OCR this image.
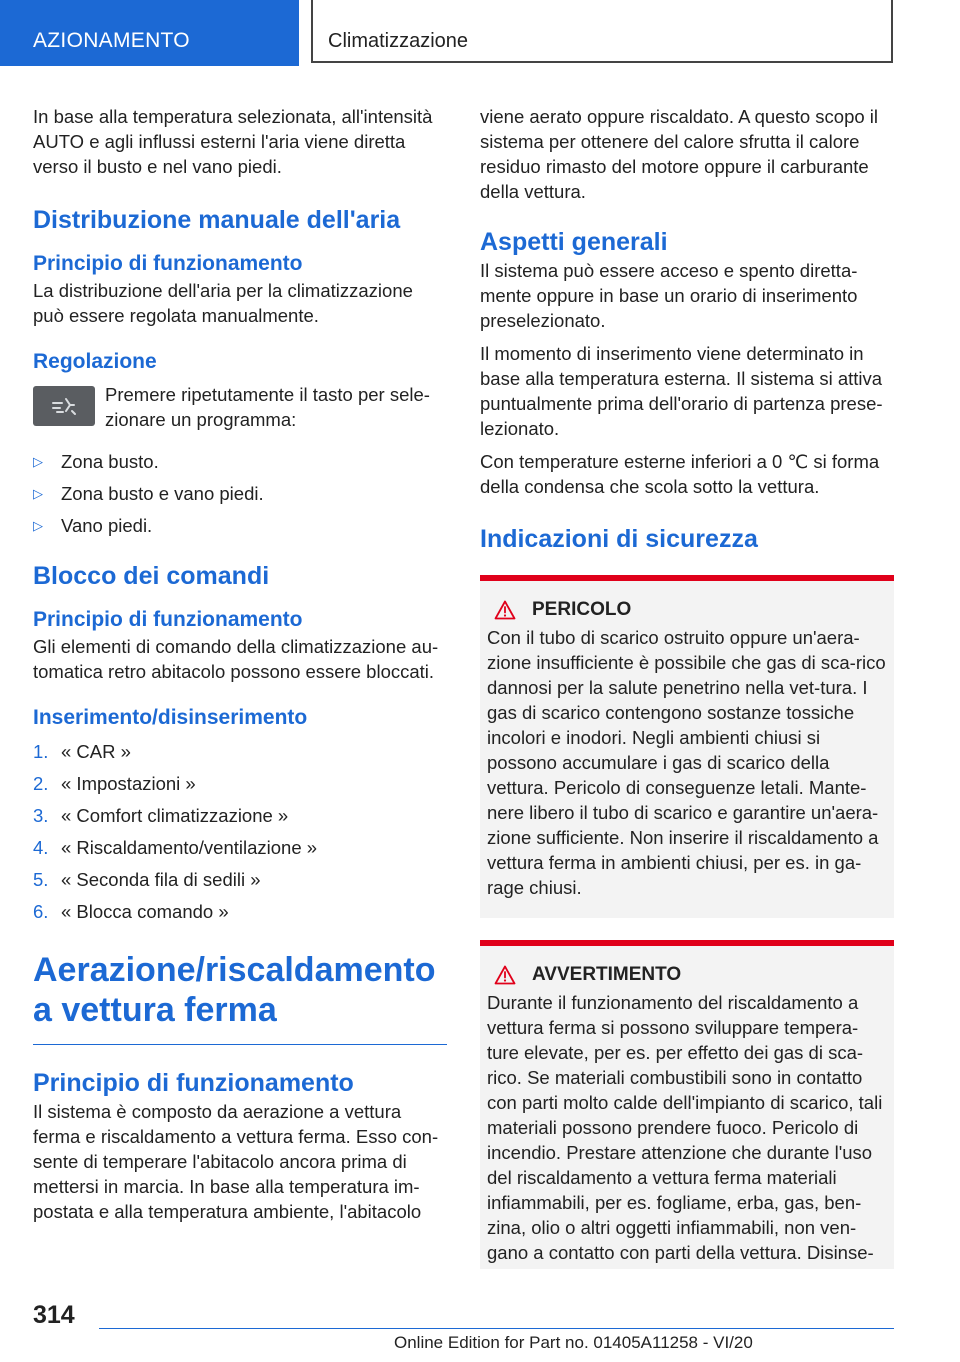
AZIONAMENTO	Climatizzazione

In base alla temperatura selezionata, all'intensità AUTO e agli influssi esterni l'aria viene diretta verso il busto e nel vano piedi.

Distribuzione manuale dell'aria
Principio di funzionamento

La distribuzione dell'aria per la climatizzazione può essere regolata manualmente.

Regolazione

Premere ripetutamente il tasto per sele-zionare un programma:

▷ Zona busto.
▷ Zona busto e vano piedi.
▷ Vano piedi.
Blocco dei comandi
Principio di funzionamento

Gli elementi di comando della climatizzazione au-tomatica retro abitacolo possono essere bloccati.

Inserimento/disinserimento
1. « CAR »
2. « Impostazioni »
3. « Comfort climatizzazione »
4. « Riscaldamento/ventilazione »
5. « Seconda fila di sedili »
6. « Blocca comando »
Aerazione/riscaldamento a vettura ferma
Principio di funzionamento

Il sistema è composto da aerazione a vettura ferma e riscaldamento a vettura ferma. Esso con-sente di temperare l'abitacolo ancora prima di mettersi in marcia. In base alla temperatura im-postata e alla temperatura ambiente, l'abitacolo

viene aerato oppure riscaldato. A questo scopo il sistema per ottenere del calore sfrutta il calore residuo rimasto del motore oppure il carburante della vettura.

Aspetti generali

Il sistema può essere acceso e spento diretta-mente oppure in base un orario di inserimento preselezionato.

Il momento di inserimento viene determinato in base alla temperatura esterna. Il sistema si attiva puntualmente prima dell'orario di partenza prese-lezionato.

Con temperature esterne inferiori a 0 ℃ si forma della condensa che scola sotto la vettura.

Indicazioni di sicurezza
PERICOLO

Con il tubo di scarico ostruito oppure un'aera-zione insufficiente è possibile che gas di sca-rico dannosi per la salute penetrino nella vet-tura. I gas di scarico contengono sostanze tossiche incolori e inodori. Negli ambienti chiusi si possono accumulare i gas di scarico della vettura. Pericolo di conseguenze letali. Mante-nere libero il tubo di scarico e garantire un'aera-zione sufficiente. Non inserire il riscaldamento a vettura ferma in ambienti chiusi, per es. in ga-rage chiusi.

AVVERTIMENTO

Durante il funzionamento del riscaldamento a vettura ferma si possono sviluppare tempera-ture elevate, per es. per effetto dei gas di sca-rico. Se materiali combustibili sono in contatto con parti molto calde dell'impianto di scarico, tali materiali possono prendere fuoco. Pericolo di incendio. Prestare attenzione che durante l'uso del riscaldamento a vettura ferma materiali infiammabili, per es. fogliame, erba, gas, ben-zina, olio o altri oggetti infiammabili, non ven-gano a contatto con parti della vettura. Disinse-

314
Online Edition for Part no. 01405A11258 - VI/20
